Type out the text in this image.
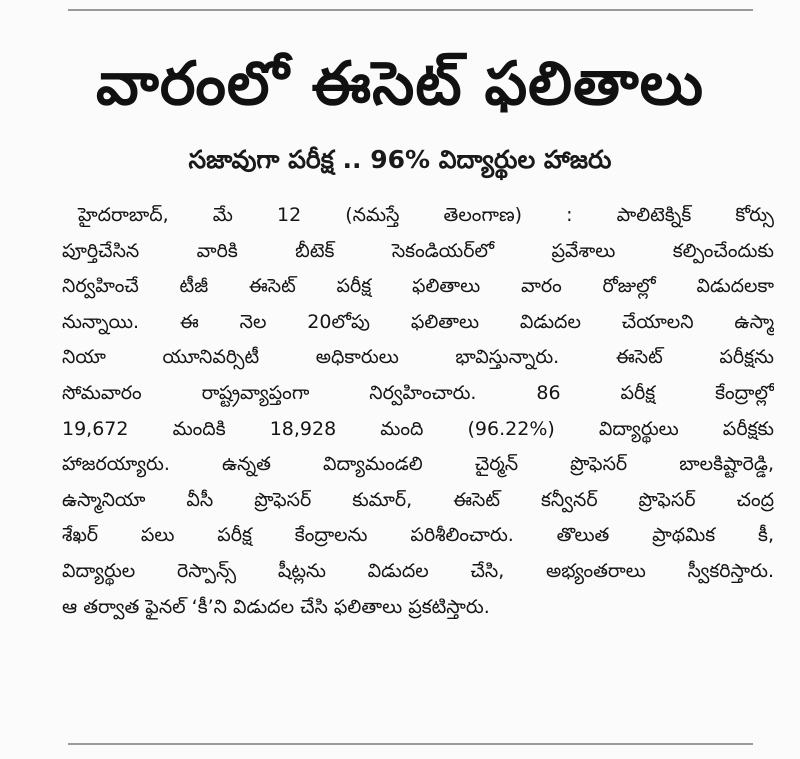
వారంలో ఈసెట్‌ ఫలితాలు
సజావుగా పరీక్ష .. 96% విద్యార్థుల హాజరు
హైదరాబాద్‌, మే 12 (నమస్తే తెలంగాణ) : పాలిటెక్నిక్‌ కోర్సు
పూర్తిచేసిన వారికి బీటెక్‌ సెకండియర్‌లో ప్రవేశాలు కల్పించేందుకు
నిర్వహించే టీజీ ఈసెట్‌ పరీక్ష ఫలితాలు వారం రోజుల్లో విడుదలకా
నున్నాయి. ఈ నెల 20లోపు ఫలితాలు విడుదల చేయాలని ఉస్మా
నియా యూనివర్సిటీ అధికారులు భావిస్తున్నారు. ఈసెట్‌ పరీక్షను
సోమవారం రాష్ట్రవ్యాప్తంగా నిర్వహించారు. 86 పరీక్ష కేంద్రాల్లో
19,672 మందికి 18,928 మంది (96.22%) విద్యార్థులు పరీక్షకు
హాజరయ్యారు. ఉన్నత విద్యామండలి చైర్మన్‌ ప్రొఫెసర్‌ బాలకిష్టారెడ్డి,
ఉస్మానియా వీసీ ప్రొఫెసర్‌ కుమార్‌, ఈసెట్‌ కన్వీనర్‌ ప్రొఫెసర్‌ చంద్ర
శేఖర్‌ పలు పరీక్ష కేంద్రాలను పరిశీలించారు. తొలుత ప్రాథమిక కీ,
విద్యార్థుల రెస్పాన్స్‌ షీట్లను విడుదల చేసి, అభ్యంతరాలు స్వీకరిస్తారు.
ఆ తర్వాత ఫైనల్‌ ‘కీ’ని విడుదల చేసి ఫలితాలు ప్రకటిస్తారు.
